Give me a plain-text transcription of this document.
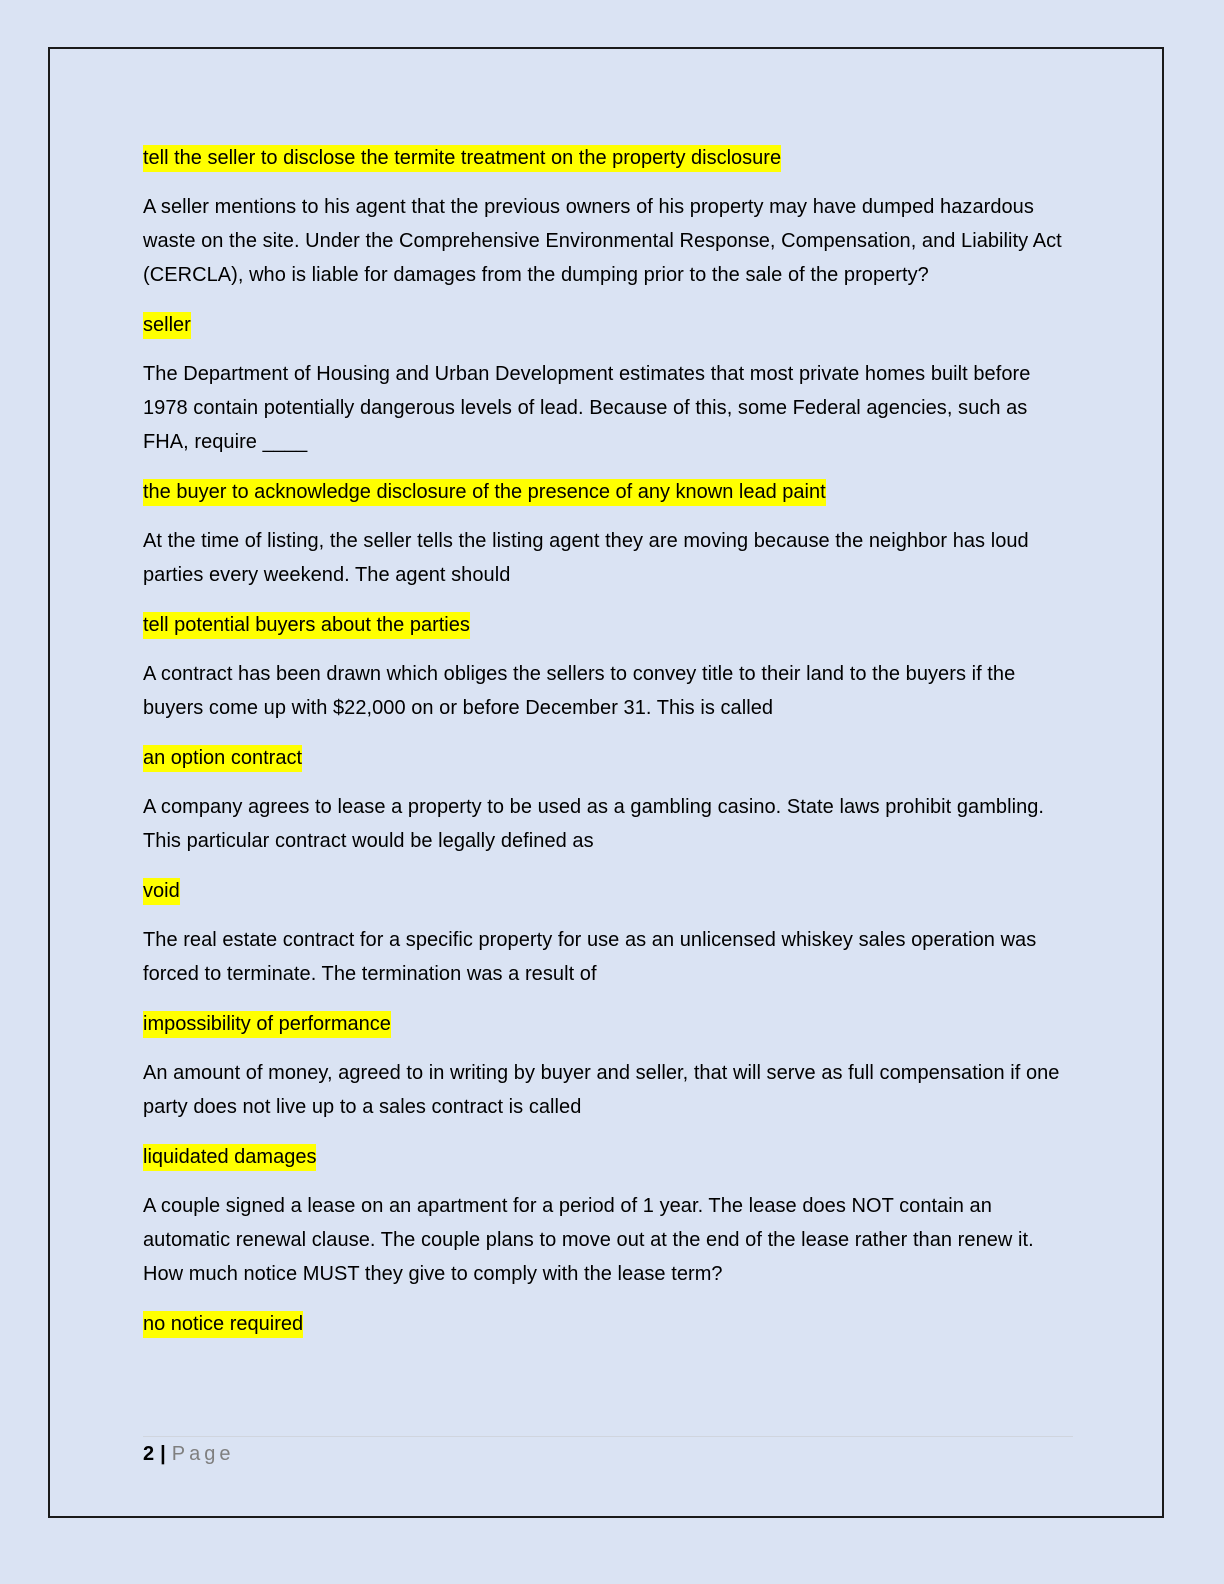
tell the seller to disclose the termite treatment on the property disclosure

A seller mentions to his agent that the previous owners of his property may have dumped hazardous waste on the site. Under the Comprehensive Environmental Response, Compensation, and Liability Act (CERCLA), who is liable for damages from the dumping prior to the sale of the property?

seller

The Department of Housing and Urban Development estimates that most private homes built before 1978 contain potentially dangerous levels of lead. Because of this, some Federal agencies, such as FHA, require ____

the buyer to acknowledge disclosure of the presence of any known lead paint

At the time of listing, the seller tells the listing agent they are moving because the neighbor has loud parties every weekend. The agent should

tell potential buyers about the parties

A contract has been drawn which obliges the sellers to convey title to their land to the buyers if the buyers come up with $22,000 on or before December 31. This is called

an option contract

A company agrees to lease a property to be used as a gambling casino. State laws prohibit gambling. This particular contract would be legally defined as

void

The real estate contract for a specific property for use as an unlicensed whiskey sales operation was forced to terminate. The termination was a result of

impossibility of performance

An amount of money, agreed to in writing by buyer and seller, that will serve as full compensation if one party does not live up to a sales contract is called

liquidated damages

A couple signed a lease on an apartment for a period of 1 year. The lease does NOT contain an automatic renewal clause. The couple plans to move out at the end of the lease rather than renew it. How much notice MUST they give to comply with the lease term?

no notice required

2 | Page
